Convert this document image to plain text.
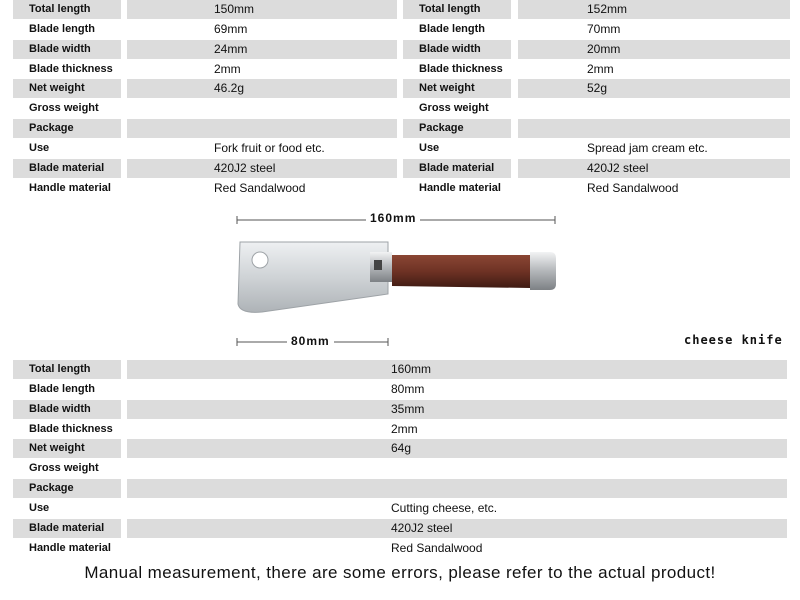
Total length	150mm
Blade length	69mm
Blade width	24mm
Blade thickness	2mm
Net weight	46.2g
Gross weight
Package
Use	Fork fruit or food etc.
Blade material	420J2 steel
Handle material	Red Sandalwood
Total length	152mm
Blade length	70mm
Blade width	20mm
Blade thickness	2mm
Net weight	52g
Gross weight
Package
Use	Spread jam cream etc.
Blade material	420J2 steel
Handle material	Red Sandalwood
160mm
80mm	cheese knife
Total length	160mm
Blade length	80mm
Blade width	35mm
Blade thickness	2mm
Net weight	64g
Gross weight
Package
Use	Cutting cheese, etc.
Blade material	420J2 steel
Handle material	Red Sandalwood
Manual measurement, there are some errors, please refer to the actual product!
